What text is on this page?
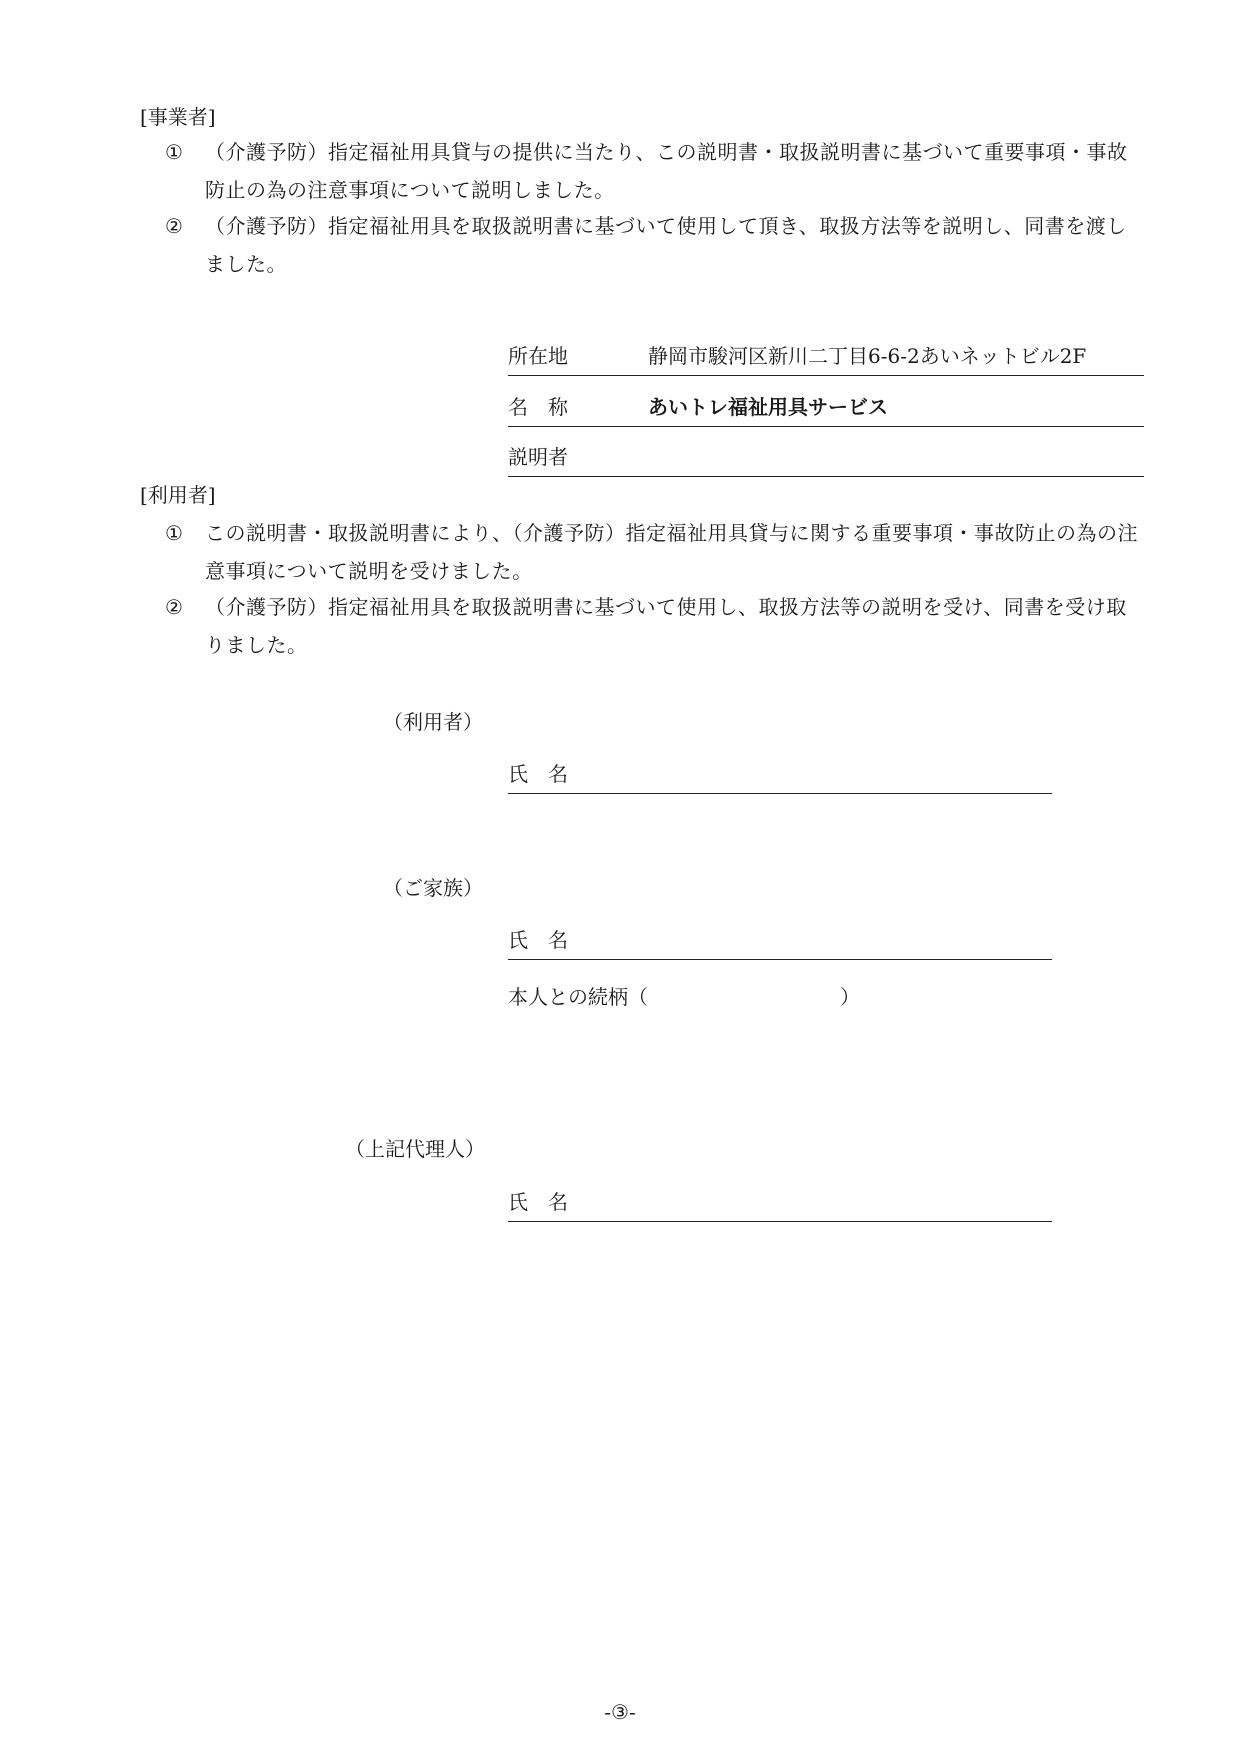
[事業者]
①	（介護予防）指定福祉用具貸与の提供に当たり、この説明書・取扱説明書に基づいて重要事項・事故防止の為の注意事項について説明しました。
②	（介護予防）指定福祉用具を取扱説明書に基づいて使用して頂き、取扱方法等を説明し、同書を渡しました。
所在地	静岡市駿河区新川二丁目6-6-2あいネットビル2F
名　称	あいトレ福祉用具サービス
説明者
[利用者]
①	この説明書・取扱説明書により、（介護予防）指定福祉用具貸与に関する重要事項・事故防止の為の注意事項について説明を受けました。
②	（介護予防）指定福祉用具を取扱説明書に基づいて使用し、取扱方法等の説明を受け、同書を受け取りました。
（利用者）
氏　名
（ご家族）
氏　名
本人との続柄（	）
（上記代理人）
氏　名
-③-
